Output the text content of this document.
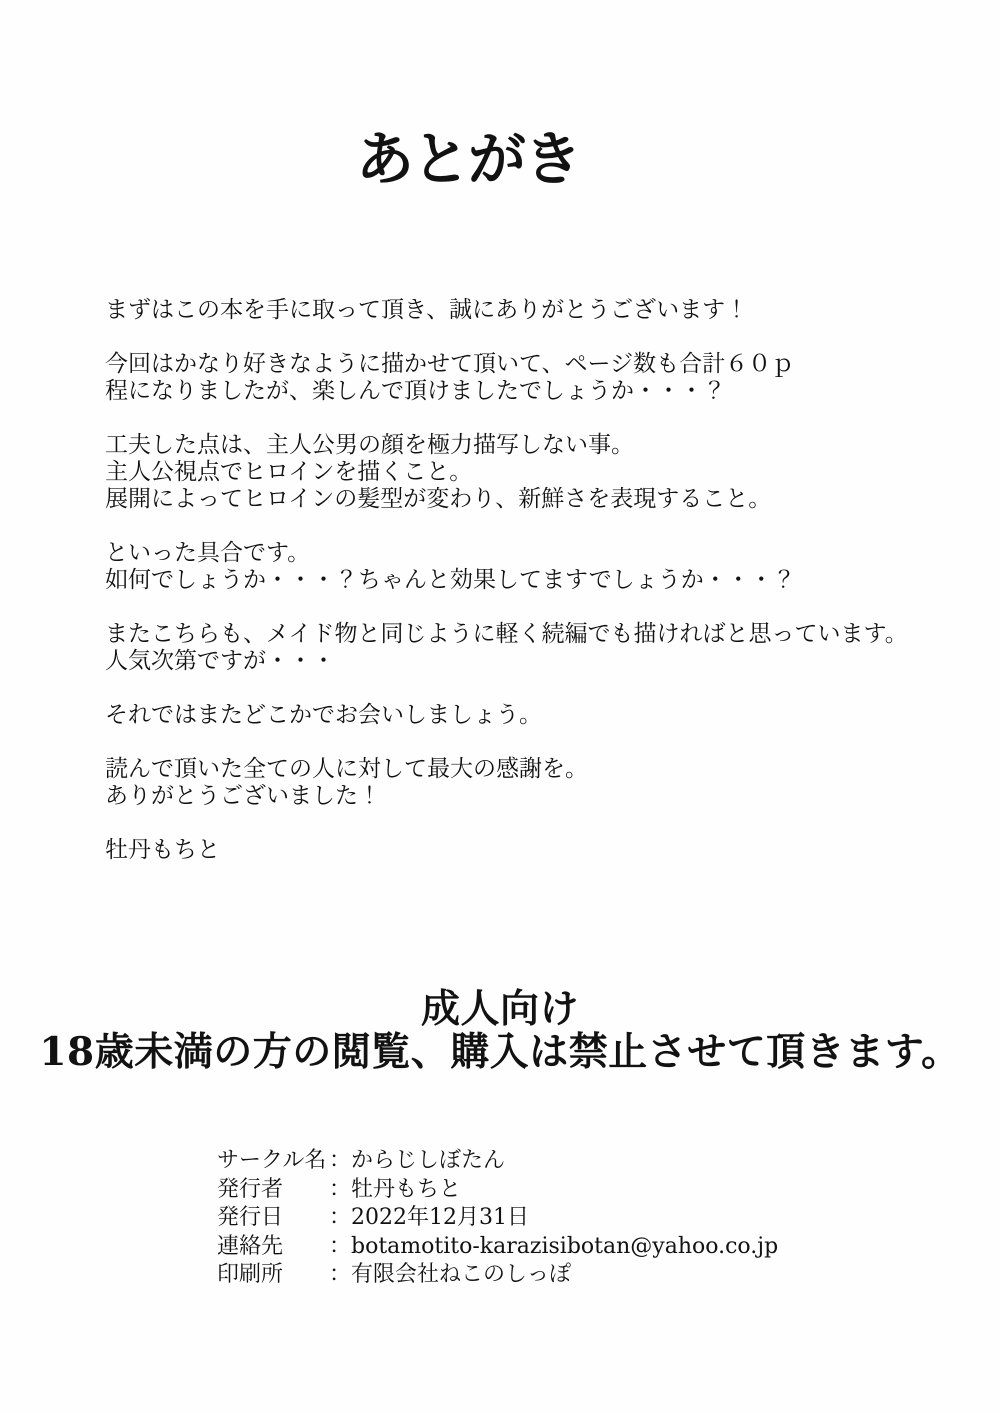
あとがき

まずはこの本を手に取って頂き、誠にありがとうございます！

今回はかなり好きなように描かせて頂いて、ページ数も合計６０ｐ
程になりましたが、楽しんで頂けましたでしょうか・・・？

工夫した点は、主人公男の顔を極力描写しない事。
主人公視点でヒロインを描くこと。
展開によってヒロインの髪型が変わり、新鮮さを表現すること。

といった具合です。
如何でしょうか・・・？ちゃんと効果してますでしょうか・・・？

またこちらも、メイド物と同じように軽く続編でも描ければと思っています。
人気次第ですが・・・

それではまたどこかでお会いしましょう。

読んで頂いた全ての人に対して最大の感謝を。
ありがとうございました！

牡丹もちと

成人向け
18歳未満の方の閲覧、購入は禁止させて頂きます。
サークル名 ： からじしぼたん
発行者	： 牡丹もちと
発行日	： 2022年12月31日
連絡先	： botamotito-karazisibotan@yahoo.co.jp
印刷所	： 有限会社ねこのしっぽ
